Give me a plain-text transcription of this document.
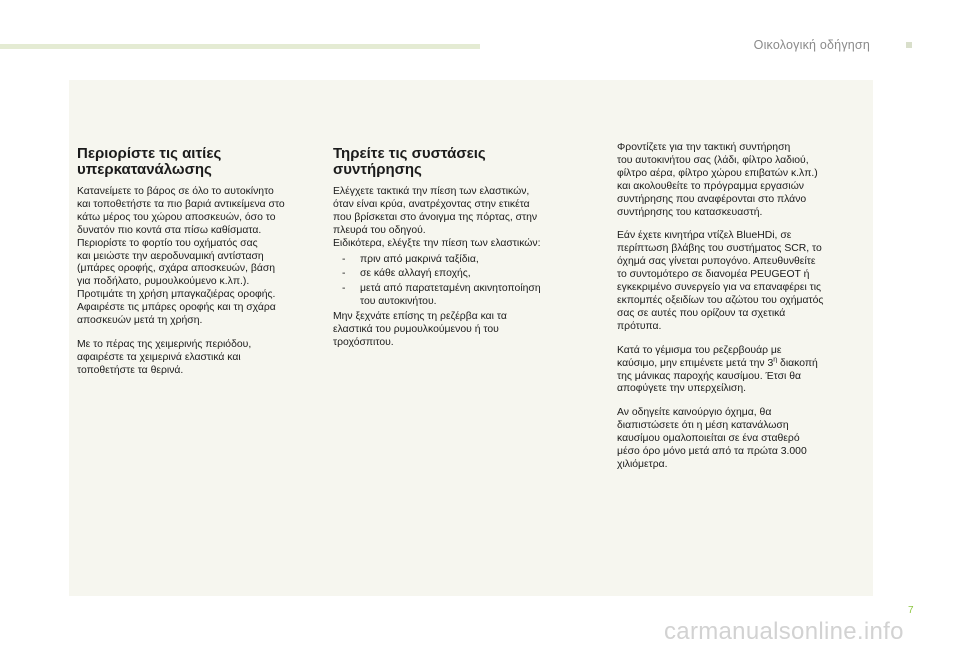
Οικολογική οδήγηση
Περιορίστε τις αιτίες
υπερκατανάλωσης

Κατανείμετε το βάρος σε όλο το αυτοκίνητο
και τοποθετήστε τα πιο βαριά αντικείμενα στο
κάτω μέρος του χώρου αποσκευών, όσο το
δυνατόν πιο κοντά στα πίσω καθίσματα.
Περιορίστε το φορτίο του οχήματός σας
και μειώστε την αεροδυναμική αντίσταση
(μπάρες οροφής, σχάρα αποσκευών, βάση
για ποδήλατο, ρυμουλκούμενο κ.λπ.).
Προτιμάτε τη χρήση μπαγκαζιέρας οροφής.
Αφαιρέστε τις μπάρες οροφής και τη σχάρα
αποσκευών μετά τη χρήση.

Με το πέρας της χειμερινής περιόδου,
αφαιρέστε τα χειμερινά ελαστικά και
τοποθετήστε τα θερινά.

Τηρείτε τις συστάσεις
συντήρησης

Ελέγχετε τακτικά την πίεση των ελαστικών,
όταν είναι κρύα, ανατρέχοντας στην ετικέτα
που βρίσκεται στο άνοιγμα της πόρτας, στην
πλευρά του οδηγού.
Ειδικότερα, ελέγξτε την πίεση των ελαστικών:

- πριν από μακρινά ταξίδια,
- σε κάθε αλλαγή εποχής,
- μετά από παρατεταμένη ακινητοποίηση
του αυτοκινήτου.

Μην ξεχνάτε επίσης τη ρεζέρβα και τα
ελαστικά του ρυμουλκούμενου ή του
τροχόσπιτου.

Φροντίζετε για την τακτική συντήρηση
του αυτοκινήτου σας (λάδι, φίλτρο λαδιού,
φίλτρο αέρα, φίλτρο χώρου επιβατών κ.λπ.)
και ακολουθείτε το πρόγραμμα εργασιών
συντήρησης που αναφέρονται στο πλάνο
συντήρησης του κατασκευαστή.

Εάν έχετε κινητήρα ντίζελ BlueHDi, σε
περίπτωση βλάβης του συστήματος SCR, το
όχημά σας γίνεται ρυπογόνο. Απευθυνθείτε
το συντομότερο σε διανομέα PEUGEOT ή
εγκεκριμένο συνεργείο για να επαναφέρει τις
εκπομπές οξειδίων του αζώτου του οχήματός
σας σε αυτές που ορίζουν τα σχετικά
πρότυπα.

Κατά το γέμισμα του ρεζερβουάρ με
καύσιμο, μην επιμένετε μετά την $3^\eta$ διακοπή
της μάνικας παροχής καυσίμου. Έτσι θα
αποφύγετε την υπερχείλιση.

Αν οδηγείτε καινούργιο όχημα, θα
διαπιστώσετε ότι η μέση κατανάλωση
καυσίμου ομαλοποιείται σε ένα σταθερό
μέσο όρο μόνο μετά από τα πρώτα 3.000
χιλιόμετρα.

7
carmanualsonline.info
